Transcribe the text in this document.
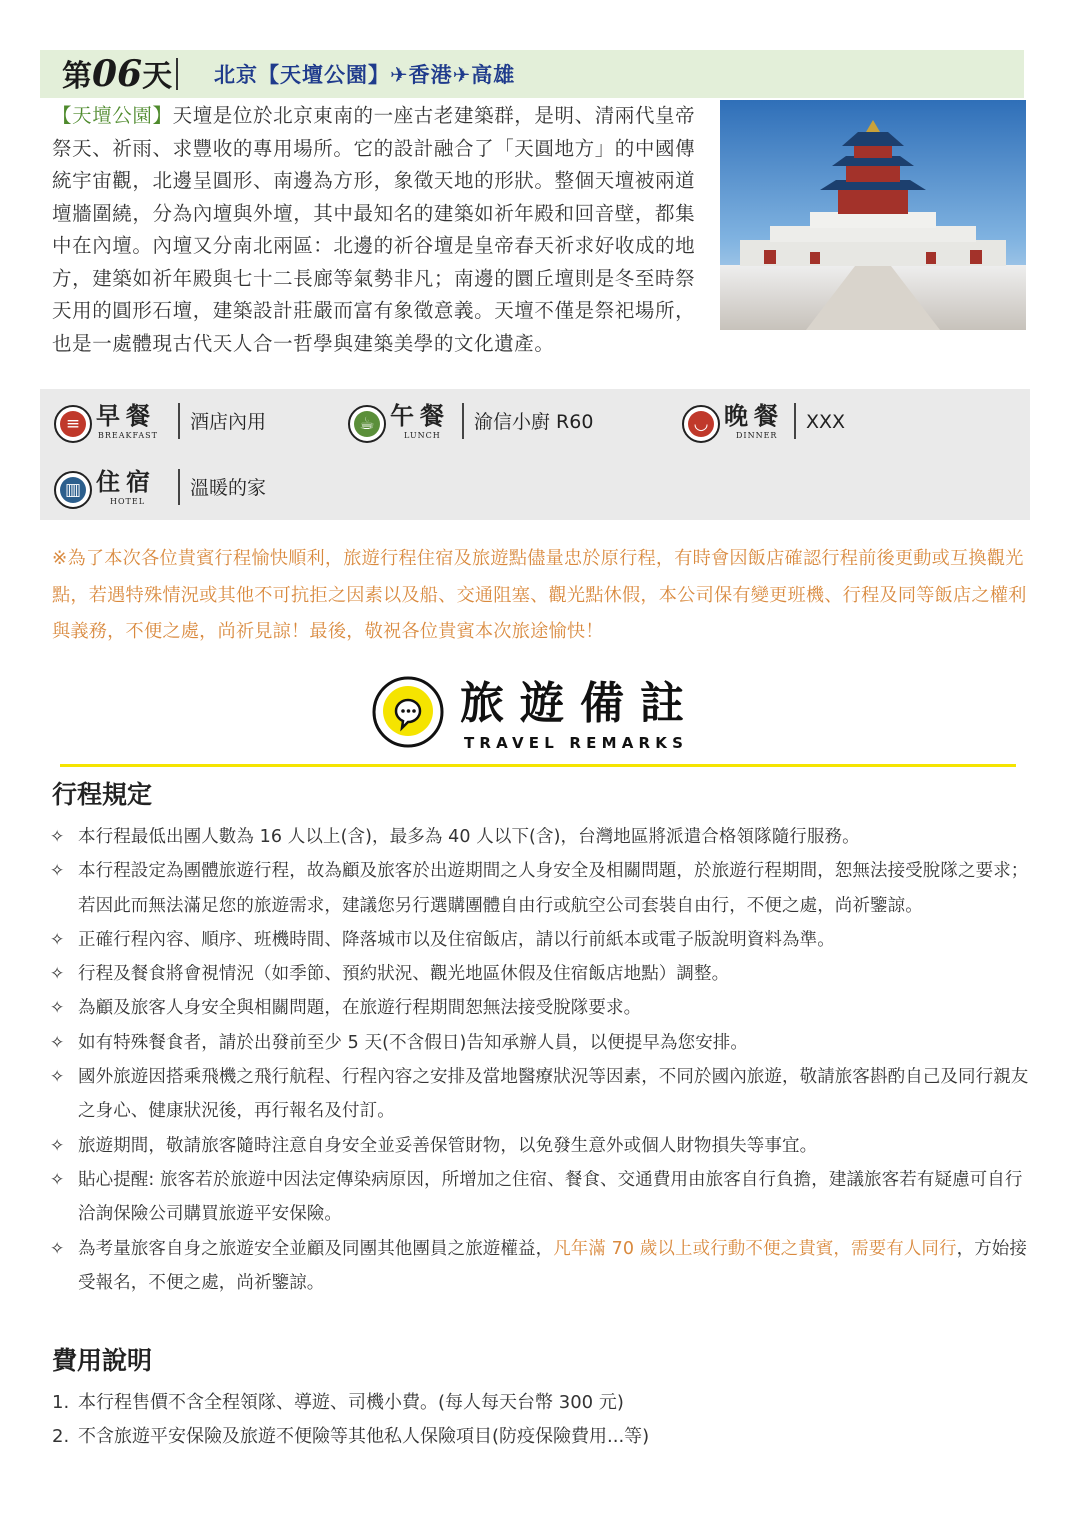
第06天 北京【天壇公園】✈香港✈高雄
【天壇公園】天壇是位於北京東南的一座古老建築群，是明、清兩代皇帝祭天、祈雨、求豐收的專用場所。它的設計融合了「天圓地方」的中國傳統宇宙觀，北邊呈圓形、南邊為方形，象徵天地的形狀。整個天壇被兩道壇牆圍繞，分為內壇與外壇，其中最知名的建築如祈年殿和回音壁，都集中在內壇。內壇又分南北兩區：北邊的祈谷壇是皇帝春天祈求好收成的地方，建築如祈年殿與七十二長廊等氣勢非凡；南邊的圜丘壇則是冬至時祭天用的圓形石壇，建築設計莊嚴而富有象徵意義。天壇不僅是祭祀場所，也是一處體現古代天人合一哲學與建築美學的文化遺產。
≡ 早餐
BREAKFAST
酒店內用	☕ 午餐
LUNCH
渝信小廚 R60	◡ 晚餐
DINNER
XXX
▥ 住宿
HOTEL
溫暖的家
※為了本次各位貴賓行程愉快順利，旅遊行程住宿及旅遊點儘量忠於原行程，有時會因飯店確認行程前後更動或互換觀光點，若遇特殊情況或其他不可抗拒之因素以及船、交通阻塞、觀光點休假，本公司保有變更班機、行程及同等飯店之權利與義務，不便之處，尚祈見諒！最後，敬祝各位貴賓本次旅途愉快！
旅遊備註
TRAVEL REMARKS
行程規定
✧ 本行程最低出團人數為 16 人以上(含)，最多為 40 人以下(含)，台灣地區將派遣合格領隊隨行服務。
✧ 本行程設定為團體旅遊行程，故為顧及旅客於出遊期間之人身安全及相關問題，於旅遊行程期間，恕無法接受脫隊之要求；若因此而無法滿足您的旅遊需求，建議您另行選購團體自由行或航空公司套裝自由行，不便之處，尚祈鑒諒。
✧ 正確行程內容、順序、班機時間、降落城市以及住宿飯店，請以行前紙本或電子版說明資料為準。
✧ 行程及餐食將會視情況（如季節、預約狀況、觀光地區休假及住宿飯店地點）調整。
✧ 為顧及旅客人身安全與相關問題，在旅遊行程期間恕無法接受脫隊要求。
✧ 如有特殊餐食者，請於出發前至少 5 天(不含假日)告知承辦人員，以便提早為您安排。
✧ 國外旅遊因搭乘飛機之飛行航程、行程內容之安排及當地醫療狀況等因素，不同於國內旅遊，敬請旅客斟酌自己及同行親友之身心、健康狀況後，再行報名及付訂。
✧ 旅遊期間，敬請旅客隨時注意自身安全並妥善保管財物，以免發生意外或個人財物損失等事宜。
✧ 貼心提醒: 旅客若於旅遊中因法定傳染病原因，所增加之住宿、餐食、交通費用由旅客自行負擔，建議旅客若有疑慮可自行洽詢保險公司購買旅遊平安保險。
✧ 為考量旅客自身之旅遊安全並顧及同團其他團員之旅遊權益，凡年滿 70 歲以上或行動不便之貴賓，需要有人同行，方始接受報名，不便之處，尚祈鑒諒。
費用說明
1. 本行程售價不含全程領隊、導遊、司機小費。(每人每天台幣 300 元)
2. 不含旅遊平安保險及旅遊不便險等其他私人保險項目(防疫保險費用...等)
